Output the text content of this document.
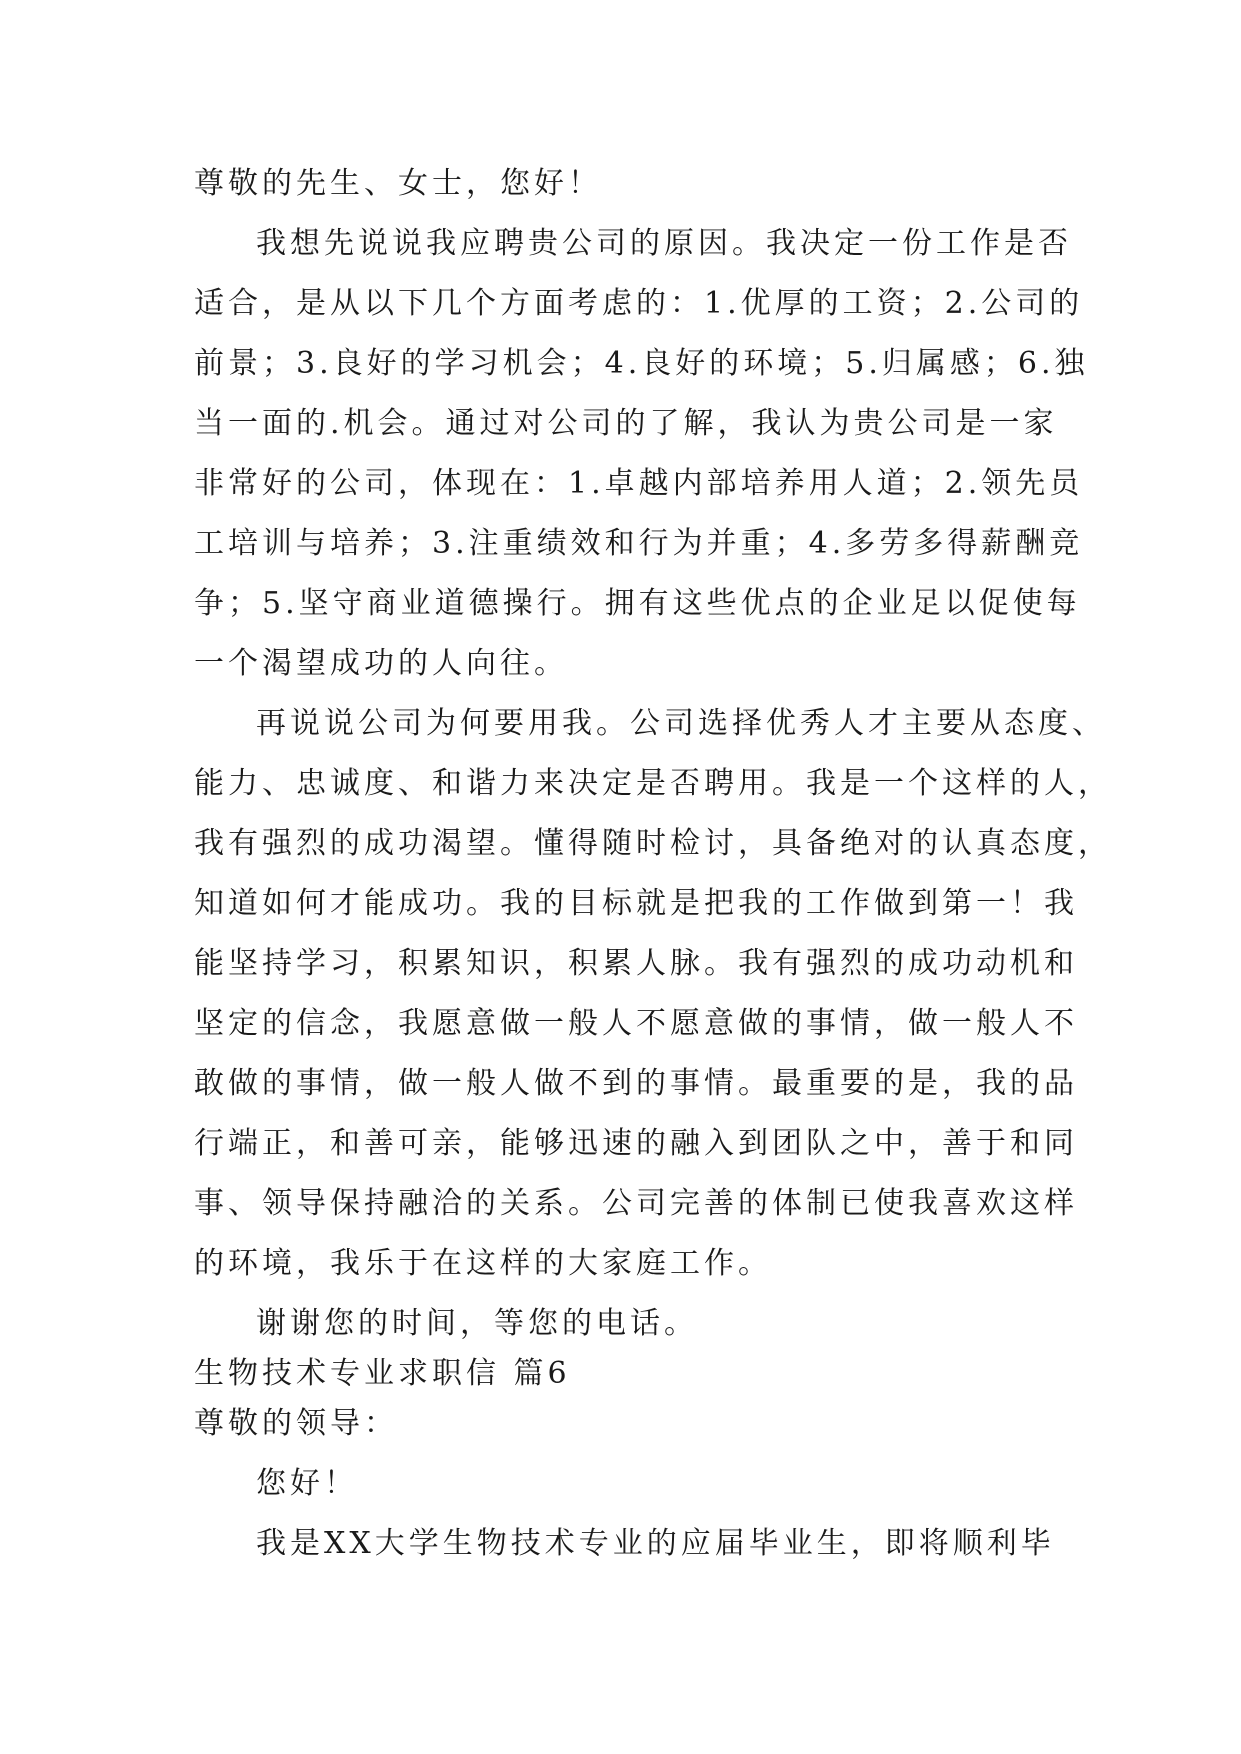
尊敬的先生、女士，您好！
我想先说说我应聘贵公司的原因。我决定一份工作是否
适合，是从以下几个方面考虑的：1.优厚的工资；2.公司的
前景；3.良好的学习机会；4.良好的环境；5.归属感；6.独
当一面的.机会。通过对公司的了解，我认为贵公司是一家
非常好的公司，体现在：1.卓越内部培养用人道；2.领先员
工培训与培养；3.注重绩效和行为并重；4.多劳多得薪酬竞
争；5.坚守商业道德操行。拥有这些优点的企业足以促使每
一个渴望成功的人向往。
再说说公司为何要用我。公司选择优秀人才主要从态度、
能力、忠诚度、和谐力来决定是否聘用。我是一个这样的人，
我有强烈的成功渴望。懂得随时检讨，具备绝对的认真态度，
知道如何才能成功。我的目标就是把我的工作做到第一！我
能坚持学习，积累知识，积累人脉。我有强烈的成功动机和
坚定的信念，我愿意做一般人不愿意做的事情，做一般人不
敢做的事情，做一般人做不到的事情。最重要的是，我的品
行端正，和善可亲，能够迅速的融入到团队之中，善于和同
事、领导保持融洽的关系。公司完善的体制已使我喜欢这样
的环境，我乐于在这样的大家庭工作。
谢谢您的时间，等您的电话。
生物技术专业求职信 篇6
尊敬的领导：
您好！
我是XX大学生物技术专业的应届毕业生，即将顺利毕
